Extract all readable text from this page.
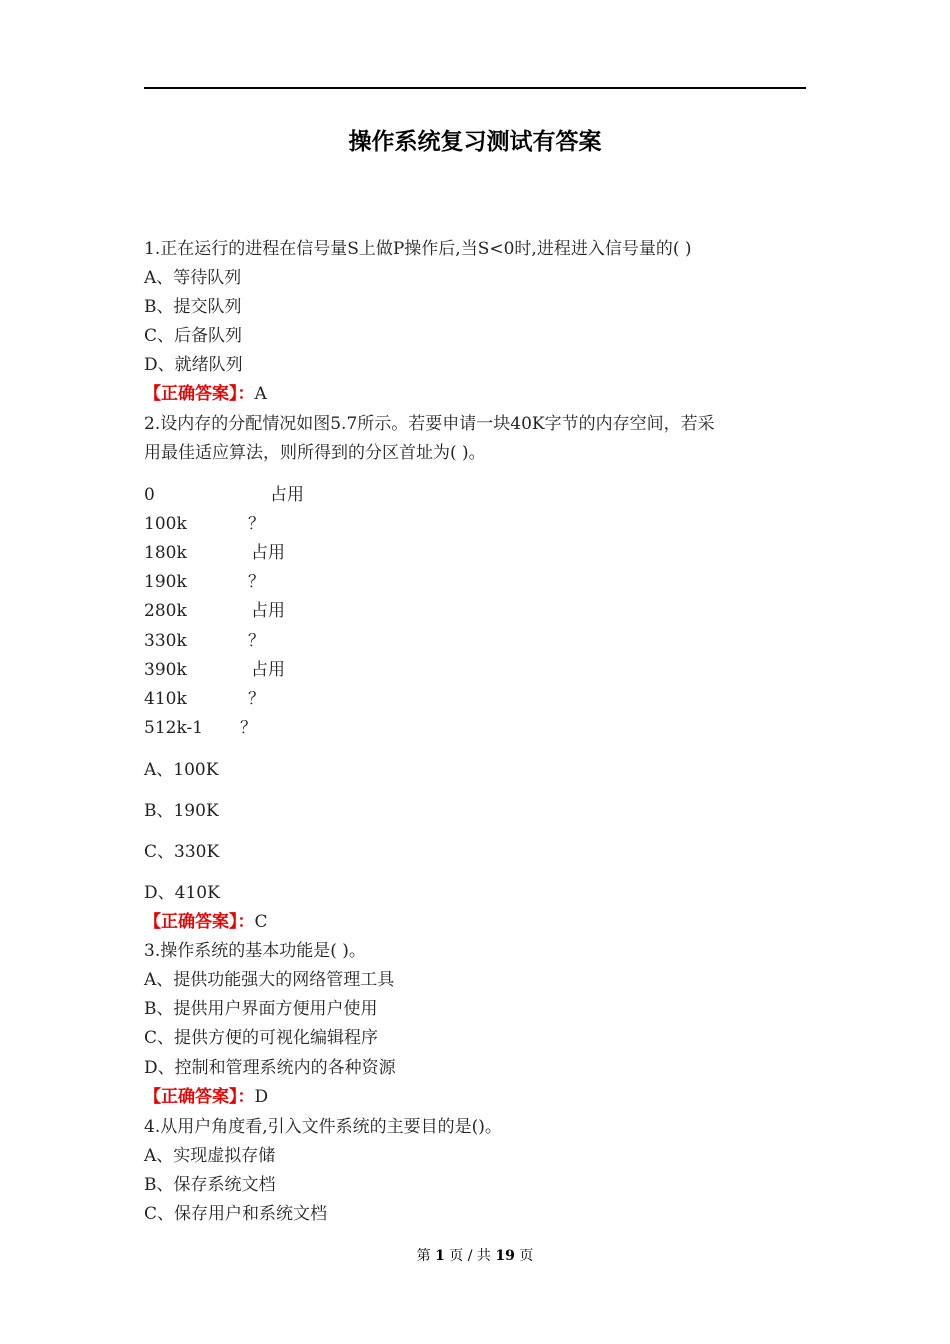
操作系统复习测试有答案
1.正在运行的进程在信号量S上做P操作后,当S<0时,进程进入信号量的( )
A、等待队列
B、提交队列
C、后备队列
D、就绪队列
【正确答案】：A
2.设内存的分配情况如图5.7所示。若要申请一块40K字节的内存空间，若采
用最佳适应算法，则所得到的分区首址为( )。
0	占用
100k	？
180k	占用
190k	？
280k	占用
330k	？
390k	占用
410k	？
512k-1 ？
A、100K
B、190K
C、330K
D、410K
【正确答案】：C
3.操作系统的基本功能是( )。
A、提供功能强大的网络管理工具
B、提供用户界面方便用户使用
C、提供方便的可视化编辑程序
D、控制和管理系统内的各种资源
【正确答案】：D
4.从用户角度看,引入文件系统的主要目的是()。
A、实现虚拟存储
B、保存系统文档
C、保存用户和系统文档
第 1 页 / 共 19 页
